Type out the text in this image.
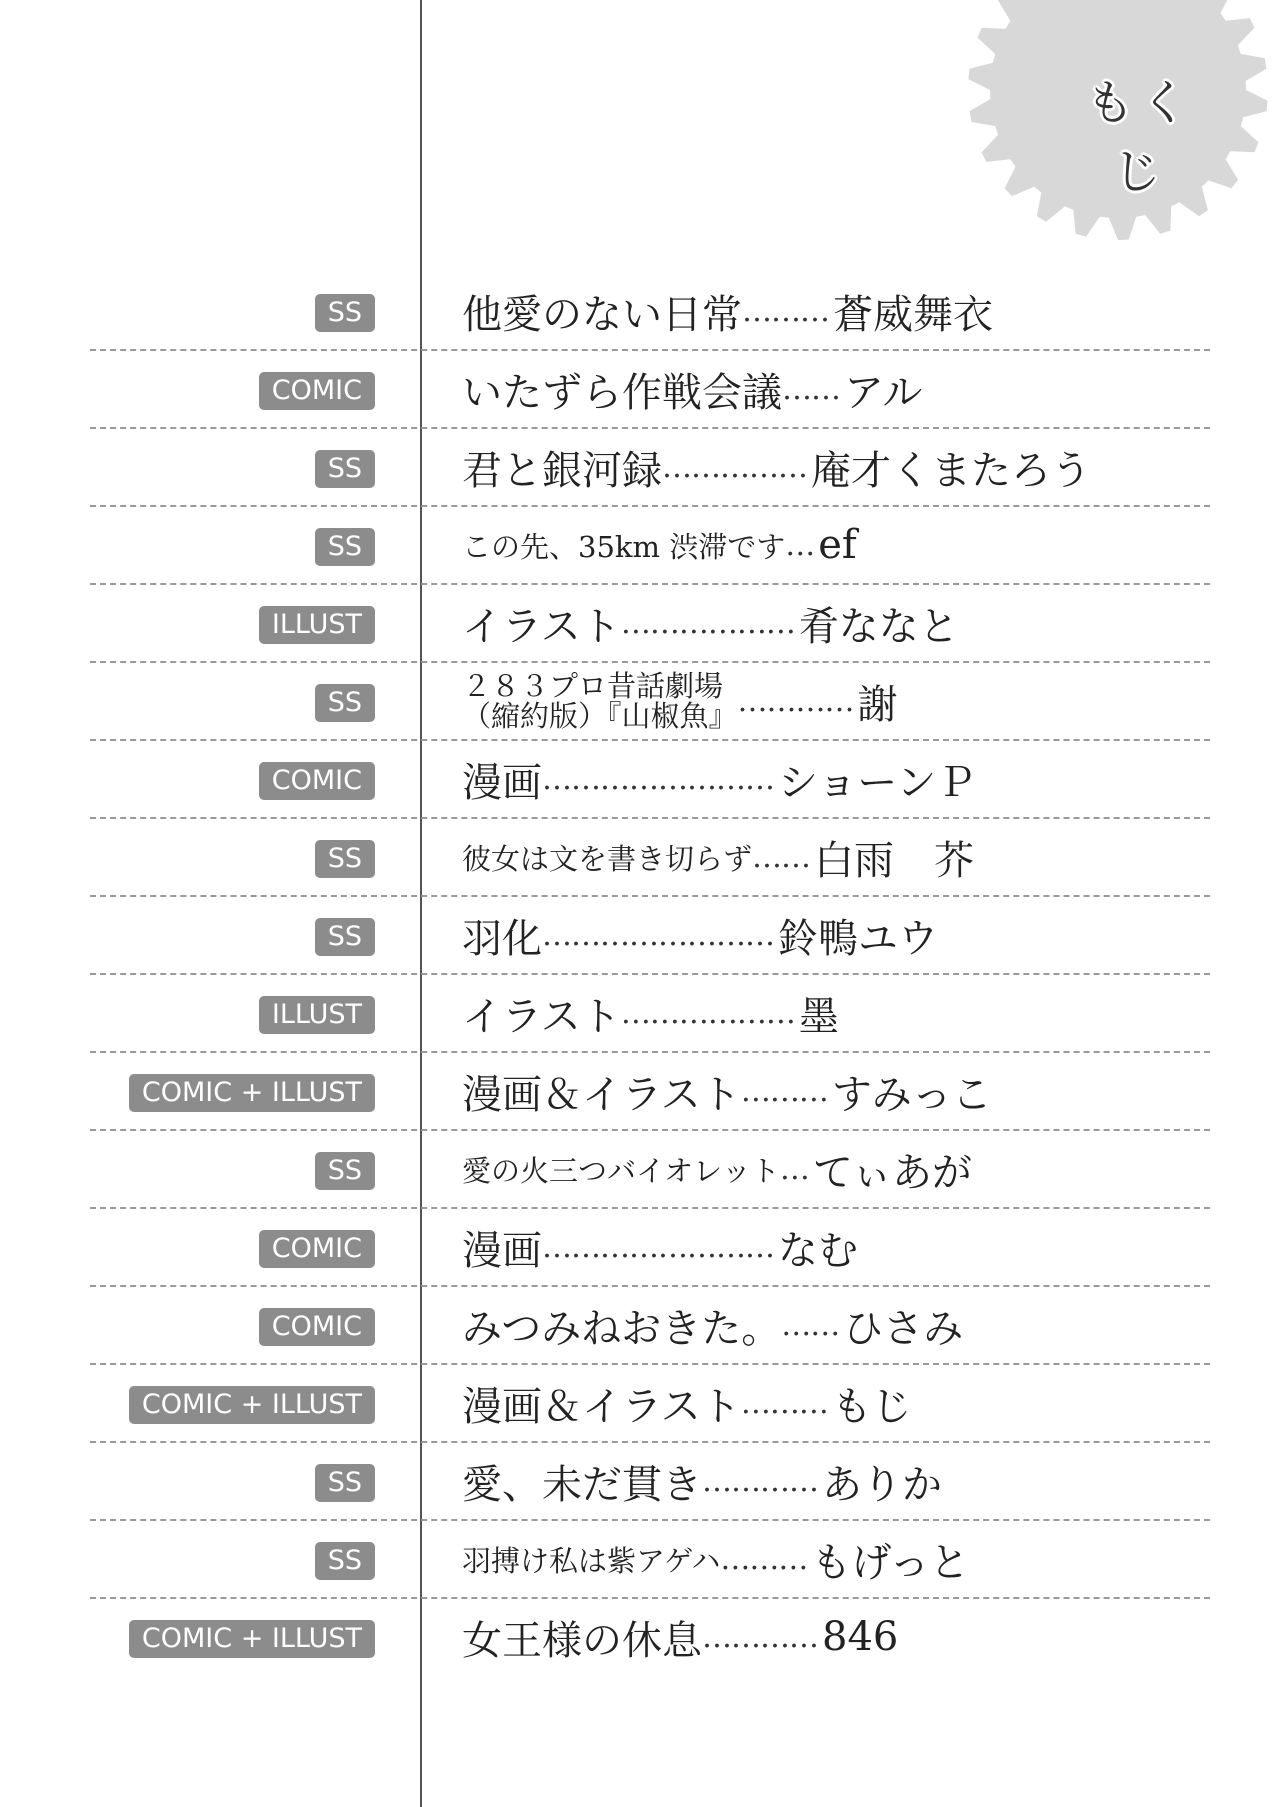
もくじ
SS	他愛のない日常 ……… 蒼威舞衣
COMIC	いたずら作戦会議 …… アル
SS	君と銀河録 …………… 庵才くまたろう
SS	この先、35km 渋滞です … ef
ILLUST	イラスト ……………… 肴ななと
SS	２８３プロ昔話劇場
（縮約版）『山椒魚』 ………… 謝
COMIC	漫画 …………………… ショーンＰ
SS	彼女は文を書き切らず …… 白雨　芥
SS	羽化 …………………… 鈴鴨ユウ
ILLUST	イラスト ……………… 墨
COMIC + ILLUST	漫画＆イラスト ……… すみっこ
SS	愛の火三つバイオレット … てぃあが
COMIC	漫画 …………………… なむ
COMIC	みつみねおきた。 …… ひさみ
COMIC + ILLUST	漫画＆イラスト ……… もじ
SS	愛、未だ貫き ………… ありか
SS	羽搏け私は紫アゲハ ……… もげっと
COMIC + ILLUST	女王様の休息 ………… 846
